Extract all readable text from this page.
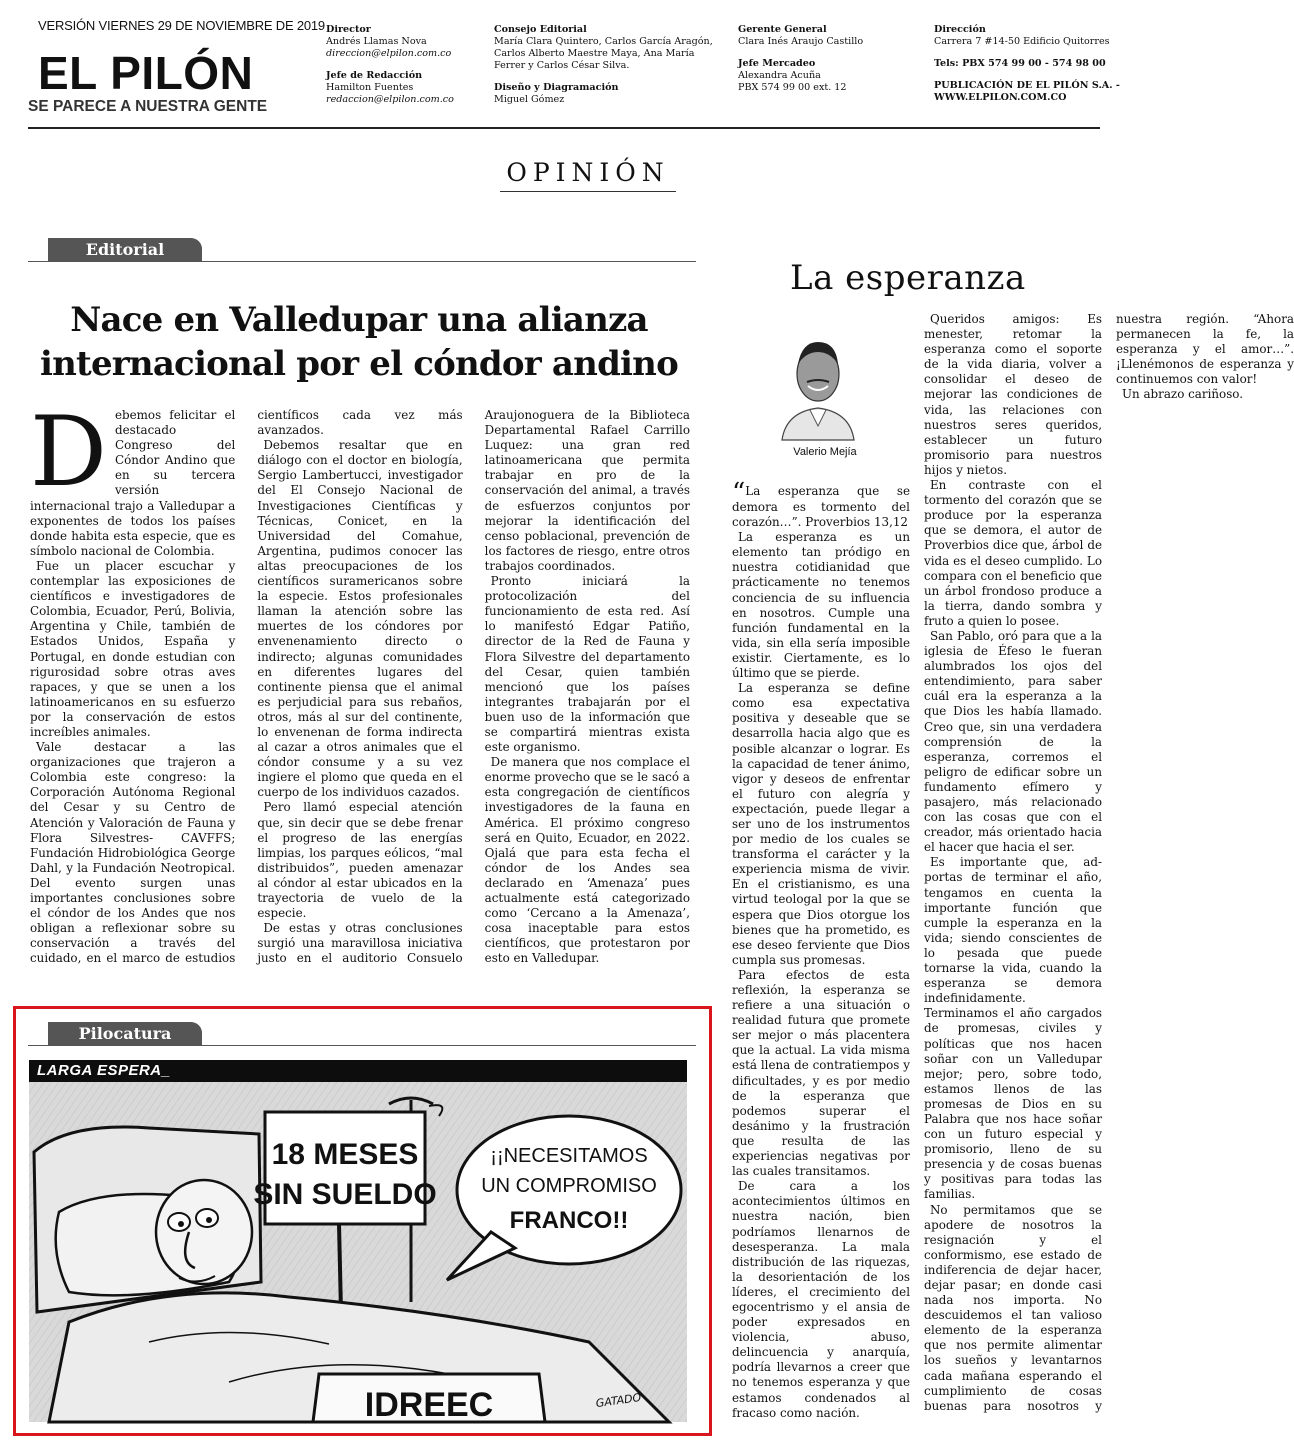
VERSIÓN VIERNES 29 DE NOVIEMBRE DE 2019
EL PILÓN
SE PARECE A NUESTRA GENTE
Director
Andrés Llamas Nova
direccion@elpilon.com.co
Jefe de Redacción
Hamilton Fuentes
redaccion@elpilon.com.co
Consejo Editorial
María Clara Quintero, Carlos García Aragón,
Carlos Alberto Maestre Maya, Ana María
Ferrer y Carlos César Silva.
Diseño y Diagramación
Miguel Gómez
Gerente General
Clara Inés Araujo Castillo
Jefe Mercadeo
Alexandra Acuña
PBX 574 99 00 ext. 12
Dirección
Carrera 7 #14-50 Edificio Quitorres
Tels: PBX 574 99 00 - 574 98 00
PUBLICACIÓN DE EL PILÓN S.A. -
WWW.ELPILON.COM.CO
OPINIÓN
Editorial
Nace en Valledupar una alianza
internacional por el cóndor andino

Debemos felicitar el destacado Congreso del Cóndor Andino que en su tercera versión internacional trajo a Valledupar a exponentes de todos los países donde habita esta especie, que es símbolo nacional de Colombia.

Fue un placer escuchar y contemplar las exposiciones de científicos e investigadores de Colombia, Ecuador, Perú, Bolivia, Argentina y Chile, también de Estados Unidos, España y Portugal, en donde estudian con rigurosidad sobre otras aves rapaces, y que se unen a los latinoamericanos en su esfuerzo por la conservación de estos increíbles animales.

Vale destacar a las organizaciones que trajeron a Colombia este congreso: la Corporación Autónoma Regional del Cesar y su Centro de Atención y Valoración de Fauna y Flora Silvestres- CAVFFS; Fundación Hidrobiológica George Dahl, y la Fundación Neotropical. Del evento surgen unas importantes conclusiones sobre el cóndor de los Andes que nos obligan a reflexionar sobre su conservación a través del cuidado, en el marco de estudios científicos cada vez más avanzados.

Debemos resaltar que en diálogo con el doctor en biología, Sergio Lambertucci, investigador del El Consejo Nacional de Investigaciones Científicas y Técnicas, Conicet, en la Universidad del Comahue, Argentina, pudimos conocer las altas preocupaciones de los científicos suramericanos sobre la especie. Estos profesionales llaman la atención sobre las muertes de los cóndores por envenenamiento directo o indirecto; algunas comunidades en diferentes lugares del continente piensa que el animal es perjudicial para sus rebaños, otros, más al sur del continente, lo envenenan de forma indirecta al cazar a otros animales que el cóndor consume y a su vez ingiere el plomo que queda en el cuerpo de los individuos cazados.

Pero llamó especial atención que, sin decir que se debe frenar el progreso de las energías limpias, los parques eólicos, “mal distribuidos”, pueden amenazar al cóndor al estar ubicados en la trayectoria de vuelo de la especie.

De estas y otras conclusiones surgió una maravillosa iniciativa justo en el auditorio Consuelo Araujonoguera de la Biblioteca Departamental Rafael Carrillo Luquez: una gran red latinoamericana que permita trabajar en pro de la conservación del animal, a través de esfuerzos conjuntos por mejorar la identificación del censo poblacional, prevención de los factores de riesgo, entre otros trabajos coordinados.

Pronto iniciará la protocolización del funcionamiento de esta red. Así lo manifestó Edgar Patiño, director de la Red de Fauna y Flora Silvestre del departamento del Cesar, quien también mencionó que los países integrantes trabajarán por el buen uso de la información que se compartirá mientras exista este organismo.

De manera que nos complace el enorme provecho que se le sacó a esta congregación de científicos investigadores de la fauna en América. El próximo congreso será en Quito, Ecuador, en 2022. Ojalá que para esta fecha el cóndor de los Andes sea declarado en ‘Amenaza’ pues actualmente está categorizado como ‘Cercano a la Amenaza’, cosa inaceptable para estos científicos, que protestaron por esto en Valledupar.

Pilocatura
LARGA ESPERA_
18 MESES
SIN SUELDO
¡¡NECESITAMOS
UN COMPROMISO
FRANCO!!
IDREEC	GATADO
La esperanza
Valerio Mejía

“La esperanza que se demora es tormento del corazón…”. Proverbios 13,12

La esperanza es un elemento tan pródigo en nuestra cotidianidad que prácticamente no tenemos conciencia de su influencia en nosotros. Cumple una función fundamental en la vida, sin ella sería imposible existir. Ciertamente, es lo último que se pierde.

La esperanza se define como esa expectativa positiva y deseable que se desarrolla hacia algo que es posible alcanzar o lograr. Es la capacidad de tener ánimo, vigor y deseos de enfrentar el futuro con alegría y expectación, puede llegar a ser uno de los instrumentos por medio de los cuales se transforma el carácter y la experiencia misma de vivir. En el cristianismo, es una virtud teologal por la que se espera que Dios otorgue los bienes que ha prometido, es ese deseo ferviente que Dios cumpla sus promesas.

Para efectos de esta reflexión, la esperanza se refiere a una situación o realidad futura que promete ser mejor o más placentera que la actual. La vida misma está llena de contratiempos y dificultades, y es por medio de la esperanza que podemos superar el desánimo y la frustración que resulta de las experiencias negativas por las cuales transitamos.

De cara a los acontecimientos últimos en nuestra nación, bien podríamos llenarnos de desesperanza. La mala distribución de las riquezas, la desorientación de los líderes, el crecimiento del egocentrismo y el ansia de poder expresados en violencia, abuso, delincuencia y anarquía, podría llevarnos a creer que no tenemos esperanza y que estamos condenados al fracaso como nación.

Queridos amigos: Es menester, retomar la esperanza como el soporte de la vida diaria, volver a consolidar el deseo de mejorar las condiciones de vida, las relaciones con nuestros seres queridos, establecer un futuro promisorio para nuestros hijos y nietos.

En contraste con el tormento del corazón que se produce por la esperanza que se demora, el autor de Proverbios dice que, árbol de vida es el deseo cumplido. Lo compara con el beneficio que un árbol frondoso produce a la tierra, dando sombra y fruto a quien lo posee.

San Pablo, oró para que a la iglesia de Éfeso le fueran alumbrados los ojos del entendimiento, para saber cuál era la esperanza a la que Dios les había llamado. Creo que, sin una verdadera comprensión de la esperanza, corremos el peligro de edificar sobre un fundamento efímero y pasajero, más relacionado con las cosas que con el creador, más orientado hacia el hacer que hacia el ser.

Es importante que, ad-portas de terminar el año, tengamos en cuenta la importante función que cumple la esperanza en la vida; siendo conscientes de lo pesada que puede tornarse la vida, cuando la esperanza se demora indefinidamente. Terminamos el año cargados de promesas, civiles y políticas que nos hacen soñar con un Valledupar mejor; pero, sobre todo, estamos llenos de las promesas de Dios en su Palabra que nos hace soñar con un futuro especial y promisorio, lleno de su presencia y de cosas buenas y positivas para todas las familias.

No permitamos que se apodere de nosotros la resignación y el conformismo, ese estado de indiferencia de dejar hacer, dejar pasar; en donde casi nada nos importa. No descuidemos el tan valioso elemento de la esperanza que nos permite alimentar los sueños y levantarnos cada mañana esperando el cumplimiento de cosas buenas para nosotros y nuestra región. “Ahora permanecen la fe, la esperanza y el amor…”. ¡Llenémonos de esperanza y continuemos con valor!

Un abrazo cariñoso.
